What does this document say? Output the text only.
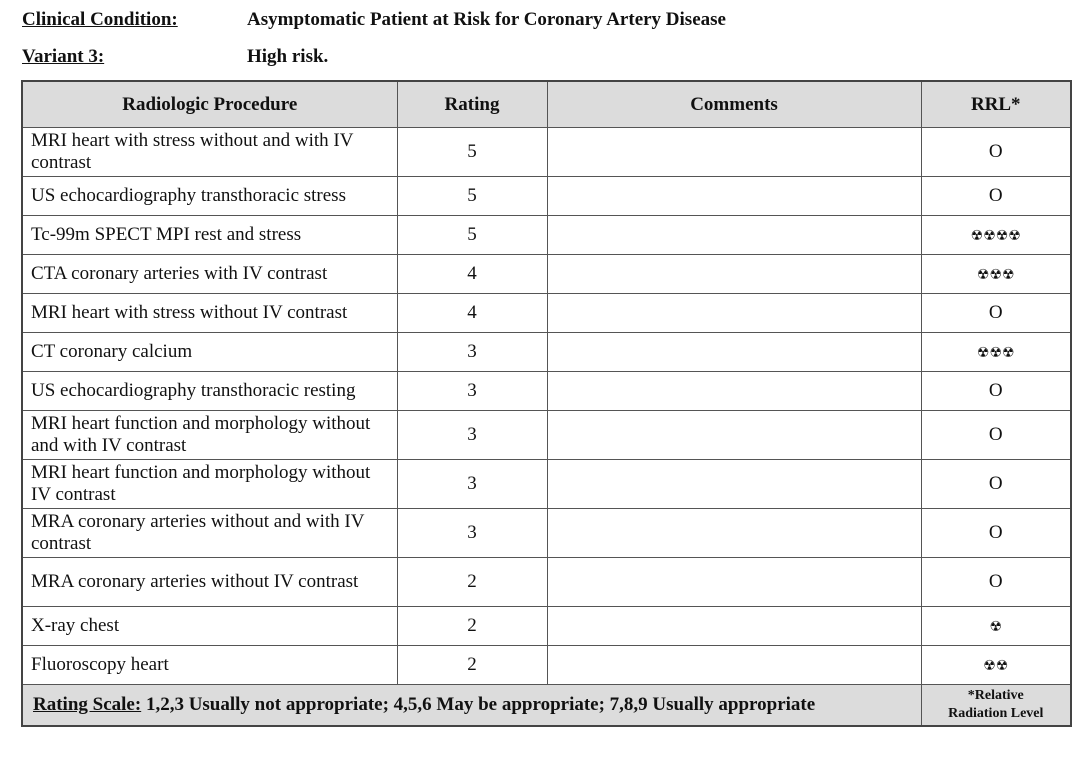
Clinical Condition:	Asymptomatic Patient at Risk for Coronary Artery Disease
Variant 3:	High risk.
Radiologic Procedure	Rating	Comments	RRL*
MRI heart with stress without and with IV contrast	5		O
US echocardiography transthoracic stress	5		O
Tc-99m SPECT MPI rest and stress	5		☢☢☢☢
CTA coronary arteries with IV contrast	4		☢☢☢
MRI heart with stress without IV contrast	4		O
CT coronary calcium	3		☢☢☢
US echocardiography transthoracic resting	3		O
MRI heart function and morphology without and with IV contrast	3		O
MRI heart function and morphology without IV contrast	3		O
MRA coronary arteries without and with IV contrast	3		O
MRA coronary arteries without IV contrast	2		O
X-ray chest	2		☢
Fluoroscopy heart	2		☢☢
Rating Scale: 1,2,3 Usually not appropriate; 4,5,6 May be appropriate; 7,8,9 Usually appropriate			*Relative
Radiation Level
